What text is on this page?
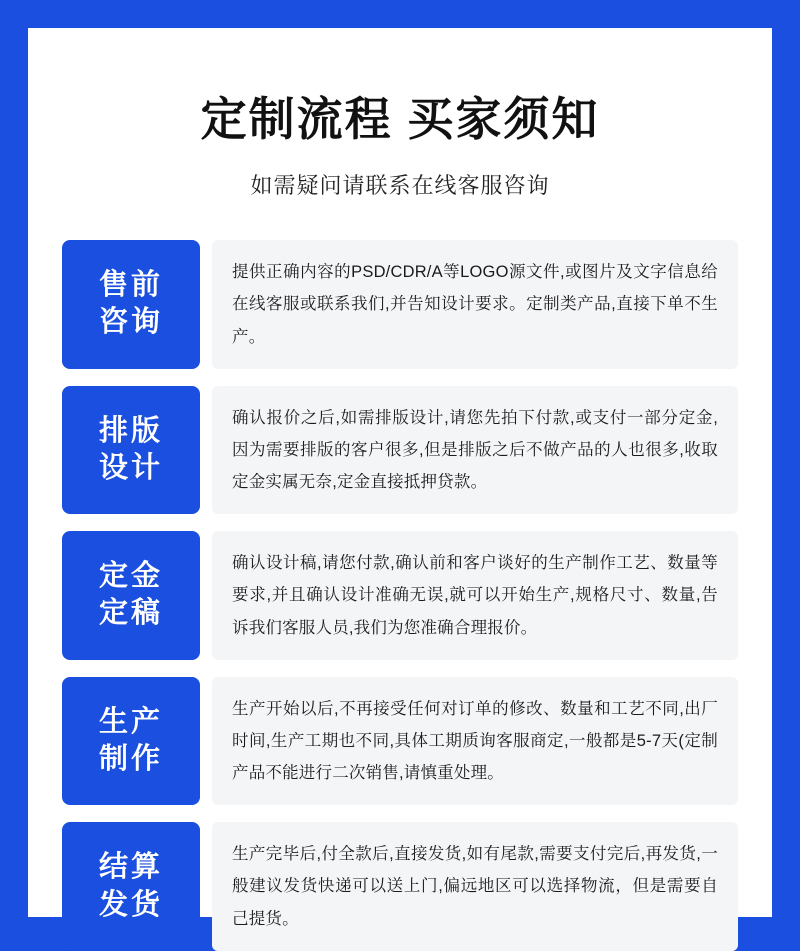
定制流程 买家须知

如需疑问请联系在线客服咨询

售前
咨询
提供正确内容的PSD/CDR/A等LOGO源文件,或图片及文字信息给在线客服或联系我们,并告知设计要求。定制类产品,直接下单不生产。
排版
设计
确认报价之后,如需排版设计,请您先拍下付款,或支付一部分定金,因为需要排版的客户很多,但是排版之后不做产品的人也很多,收取定金实属无奈,定金直接抵押贷款。
定金
定稿
确认设计稿,请您付款,确认前和客户谈好的生产制作工艺、数量等要求,并且确认设计准确无误,就可以开始生产,规格尺寸、数量,告诉我们客服人员,我们为您准确合理报价。
生产
制作
生产开始以后,不再接受任何对订单的修改、数量和工艺不同,出厂时间,生产工期也不同,具体工期质询客服商定,一般都是5-7天(定制产品不能进行二次销售,请慎重处理。
结算
发货
生产完毕后,付全款后,直接发货,如有尾款,需要支付完后,再发货,一般建议发货快递可以送上门,偏远地区可以选择物流，但是需要自己提货。
